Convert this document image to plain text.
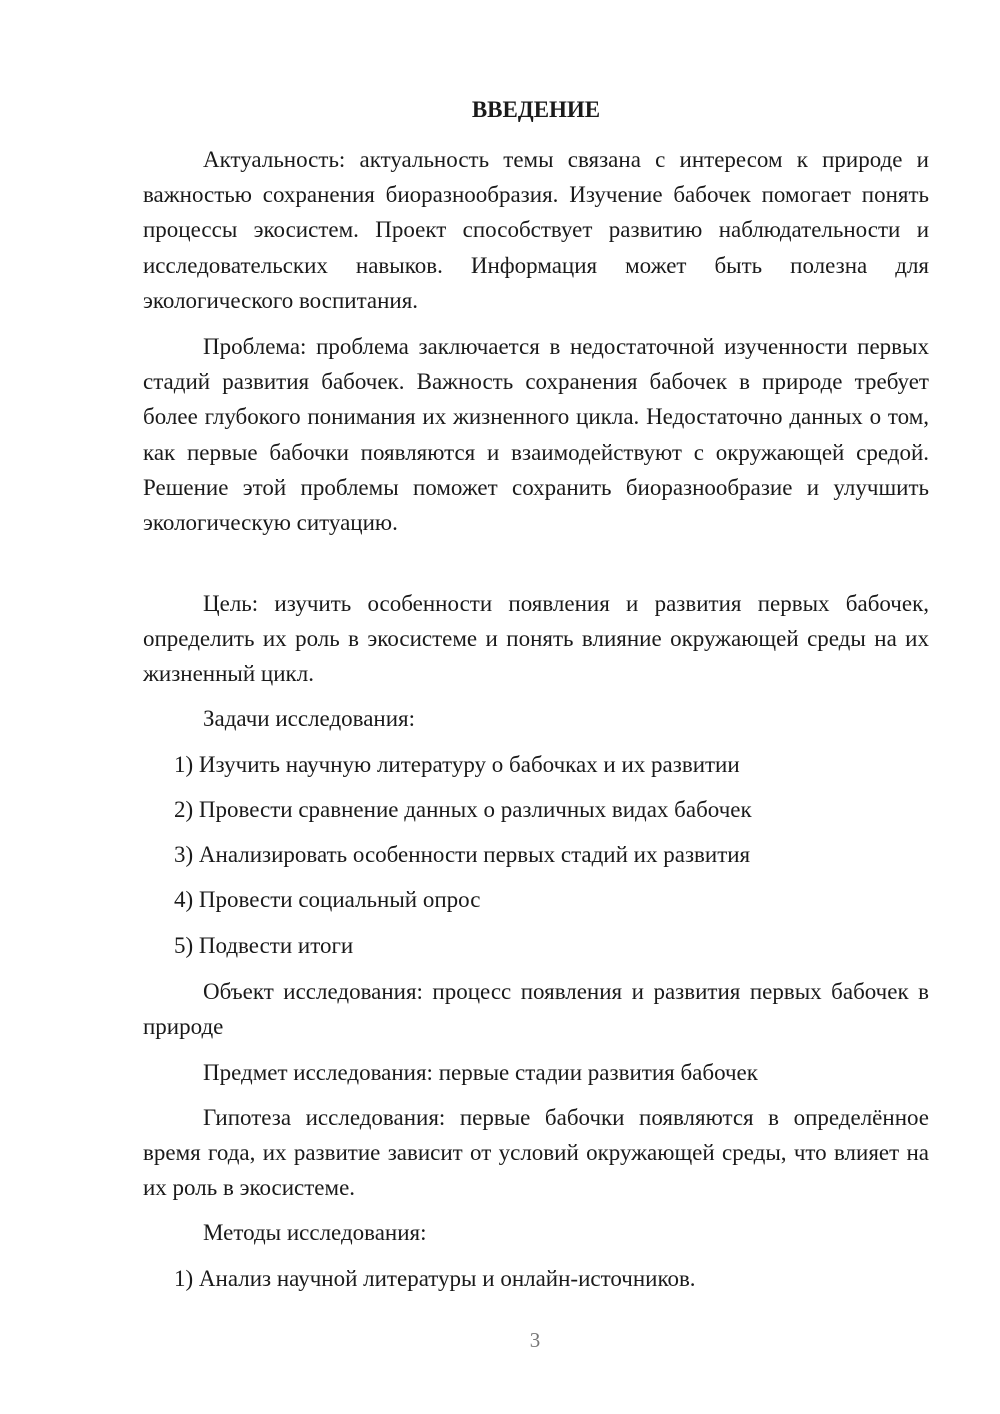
ВВЕДЕНИЕ

Актуальность: актуальность темы связана с интересом к природе и важностью сохранения биоразнообразия. Изучение бабочек помогает понять процессы экосистем. Проект способствует развитию наблюдательности и исследовательских навыков. Информация может быть полезна для экологического воспитания.

Проблема: проблема заключается в недостаточной изученности первых стадий развития бабочек. Важность сохранения бабочек в природе требует более глубокого понимания их жизненного цикла. Недостаточно данных о том, как первые бабочки появляются и взаимодействуют с окружающей средой. Решение этой проблемы поможет сохранить биоразнообразие и улучшить экологическую ситуацию.

Цель: изучить особенности появления и развития первых бабочек, определить их роль в экосистеме и понять влияние окружающей среды на их жизненный цикл.

Задачи исследования:
1) Изучить научную литературу о бабочках и их развитии
2) Провести сравнение данных о различных видах бабочек
3) Анализировать особенности первых стадий их развития
4) Провести социальный опрос
5) Подвести итоги

Объект исследования: процесс появления и развития первых бабочек в природе

Предмет исследования: первые стадии развития бабочек

Гипотеза исследования: первые бабочки появляются в определённое время года, их развитие зависит от условий окружающей среды, что влияет на их роль в экосистеме.

Методы исследования:
1) Анализ научной литературы и онлайн-источников.
3
